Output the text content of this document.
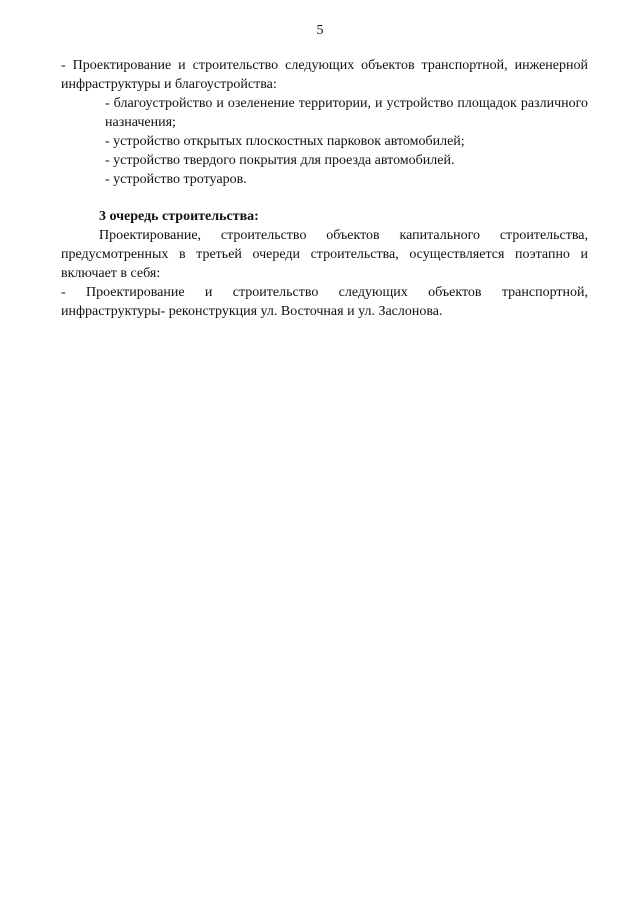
5

- Проектирование и строительство следующих объектов транспортной, инженерной инфраструктуры и благоустройства:

- благоустройство и озеленение территории, и устройство площадок различного назначения;

- устройство открытых плоскостных парковок автомобилей;

- устройство твердого покрытия для проезда автомобилей.

- устройство тротуаров.

3 очередь строительства:

Проектирование, строительство объектов капитального строительства, предусмотренных в третьей очереди строительства, осуществляется поэтапно и включает в себя:

- Проектирование и строительство следующих объектов транспортной, инфраструктуры- реконструкция ул. Восточная и ул. Заслонова.
